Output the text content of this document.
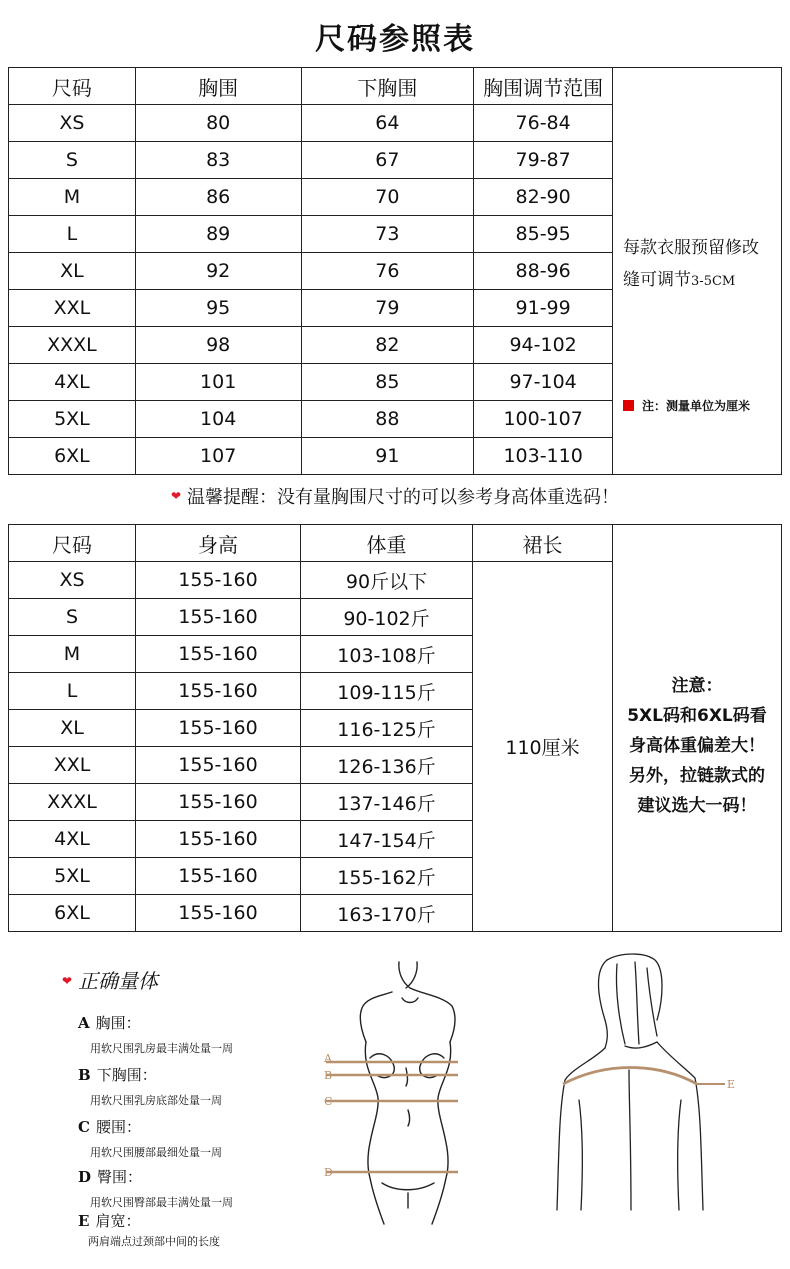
尺码参照表
尺码	胸围	下胸围	胸围调节范围	每款衣服预留修改
缝可调节3-5CM
注：测量单位为厘米

XS	80	64	76-84	
S	83	67	79-87	
M	86	70	82-90	
L	89	73	85-95	
XL	92	76	88-96	
XXL	95	79	91-99	
XXXL	98	82	94-102	
4XL	101	85	97-104	
5XL	104	88	100-107	
6XL	107	91	103-110	
❤ 温馨提醒：没有量胸围尺寸的可以参考身高体重选码！
尺码	身高	体重	裙长	
XS	155-160	90斤以下	110厘米	注意：
5XL码和6XL码看
身高体重偏差大！
另外，拉链款式的
建议选大一码！

S	155-160	90-102斤		
M	155-160	103-108斤		
L	155-160	109-115斤		
XL	155-160	116-125斤		
XXL	155-160	126-136斤		
XXXL	155-160	137-146斤		
4XL	155-160	147-154斤		
5XL	155-160	155-162斤		
6XL	155-160	163-170斤		
❤ 正确量体
A 胸围：
用软尺围乳房最丰满处量一周
B 下胸围：
用软尺围乳房底部处量一周
C 腰围：
用软尺围腰部最细处量一周
D 臀围：
用软尺围臀部最丰满处量一周
E 肩宽：
两肩端点过颈部中间的长度
A
B
C
D
E
